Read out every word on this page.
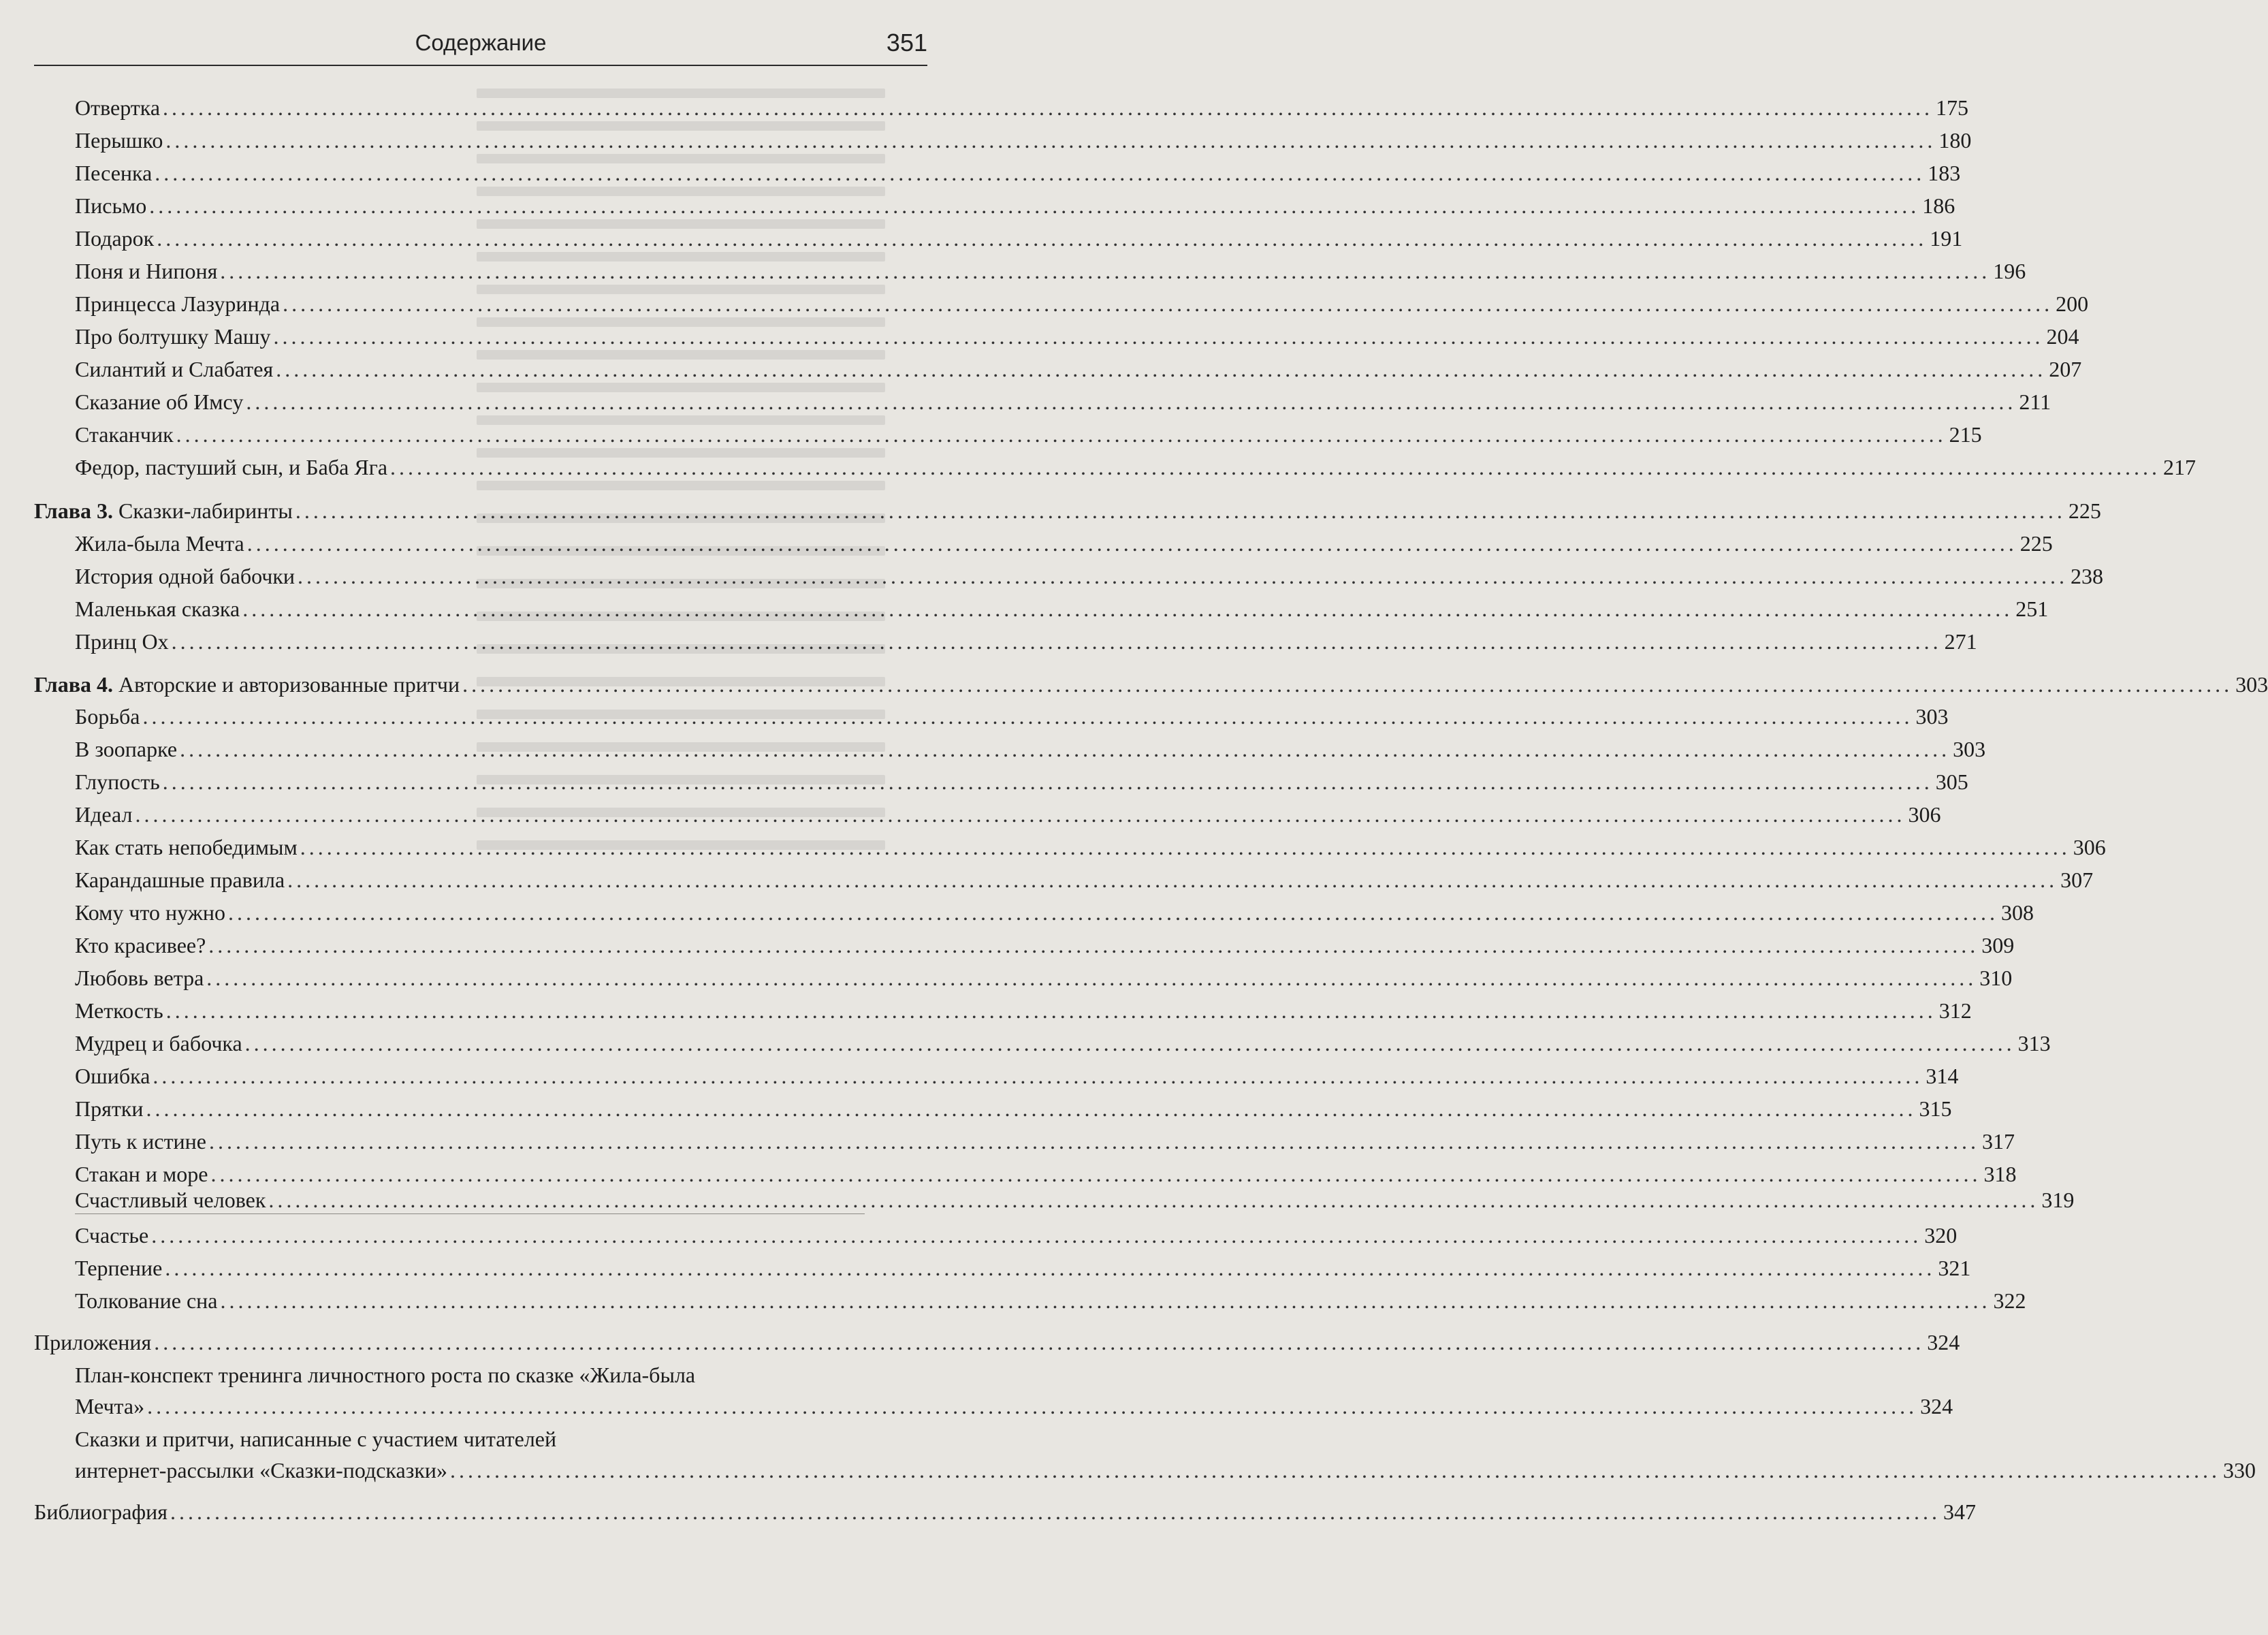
Содержание	351
Отвертка ........................................................................................................................................................................................................ 175
Перышко ........................................................................................................................................................................................................ 180
Песенка ........................................................................................................................................................................................................ 183
Письмо ........................................................................................................................................................................................................ 186
Подарок ........................................................................................................................................................................................................ 191
Поня и Нипоня ........................................................................................................................................................................................................ 196
Принцесса Лазуринда ........................................................................................................................................................................................................ 200
Про болтушку Машу ........................................................................................................................................................................................................ 204
Силантий и Слабатея ........................................................................................................................................................................................................ 207
Сказание об Имсу ........................................................................................................................................................................................................ 211
Стаканчик ........................................................................................................................................................................................................ 215
Федор, пастуший сын, и Баба Яга ........................................................................................................................................................................................................ 217
Глава 3. Сказки-лабиринты ........................................................................................................................................................................................................ 225
Жила-была Мечта ........................................................................................................................................................................................................ 225
История одной бабочки ........................................................................................................................................................................................................ 238
Маленькая сказка ........................................................................................................................................................................................................ 251
Принц Ох ........................................................................................................................................................................................................ 271
Глава 4. Авторские и авторизованные притчи ........................................................................................................................................................................................................ 303
Борьба ........................................................................................................................................................................................................ 303
В зоопарке ........................................................................................................................................................................................................ 303
Глупость ........................................................................................................................................................................................................ 305
Идеал ........................................................................................................................................................................................................ 306
Как стать непобедимым ........................................................................................................................................................................................................ 306
Карандашные правила ........................................................................................................................................................................................................ 307
Кому что нужно ........................................................................................................................................................................................................ 308
Кто красивее? ........................................................................................................................................................................................................ 309
Любовь ветра ........................................................................................................................................................................................................ 310
Меткость ........................................................................................................................................................................................................ 312
Мудрец и бабочка ........................................................................................................................................................................................................ 313
Ошибка ........................................................................................................................................................................................................ 314
Прятки ........................................................................................................................................................................................................ 315
Путь к истине ........................................................................................................................................................................................................ 317
Стакан и море ........................................................................................................................................................................................................ 318
Счастливый человек ........................................................................................................................................................................................................ 319
Счастье ........................................................................................................................................................................................................ 320
Терпение ........................................................................................................................................................................................................ 321
Толкование сна ........................................................................................................................................................................................................ 322
Приложения ........................................................................................................................................................................................................ 324
План-конспект тренинга личностного роста по сказке «Жила-была
Мечта» ........................................................................................................................................................................................................ 324
Сказки и притчи, написанные с участием читателей
интернет-рассылки «Сказки-подсказки» ........................................................................................................................................................................................................ 330
Библиография ........................................................................................................................................................................................................ 347
